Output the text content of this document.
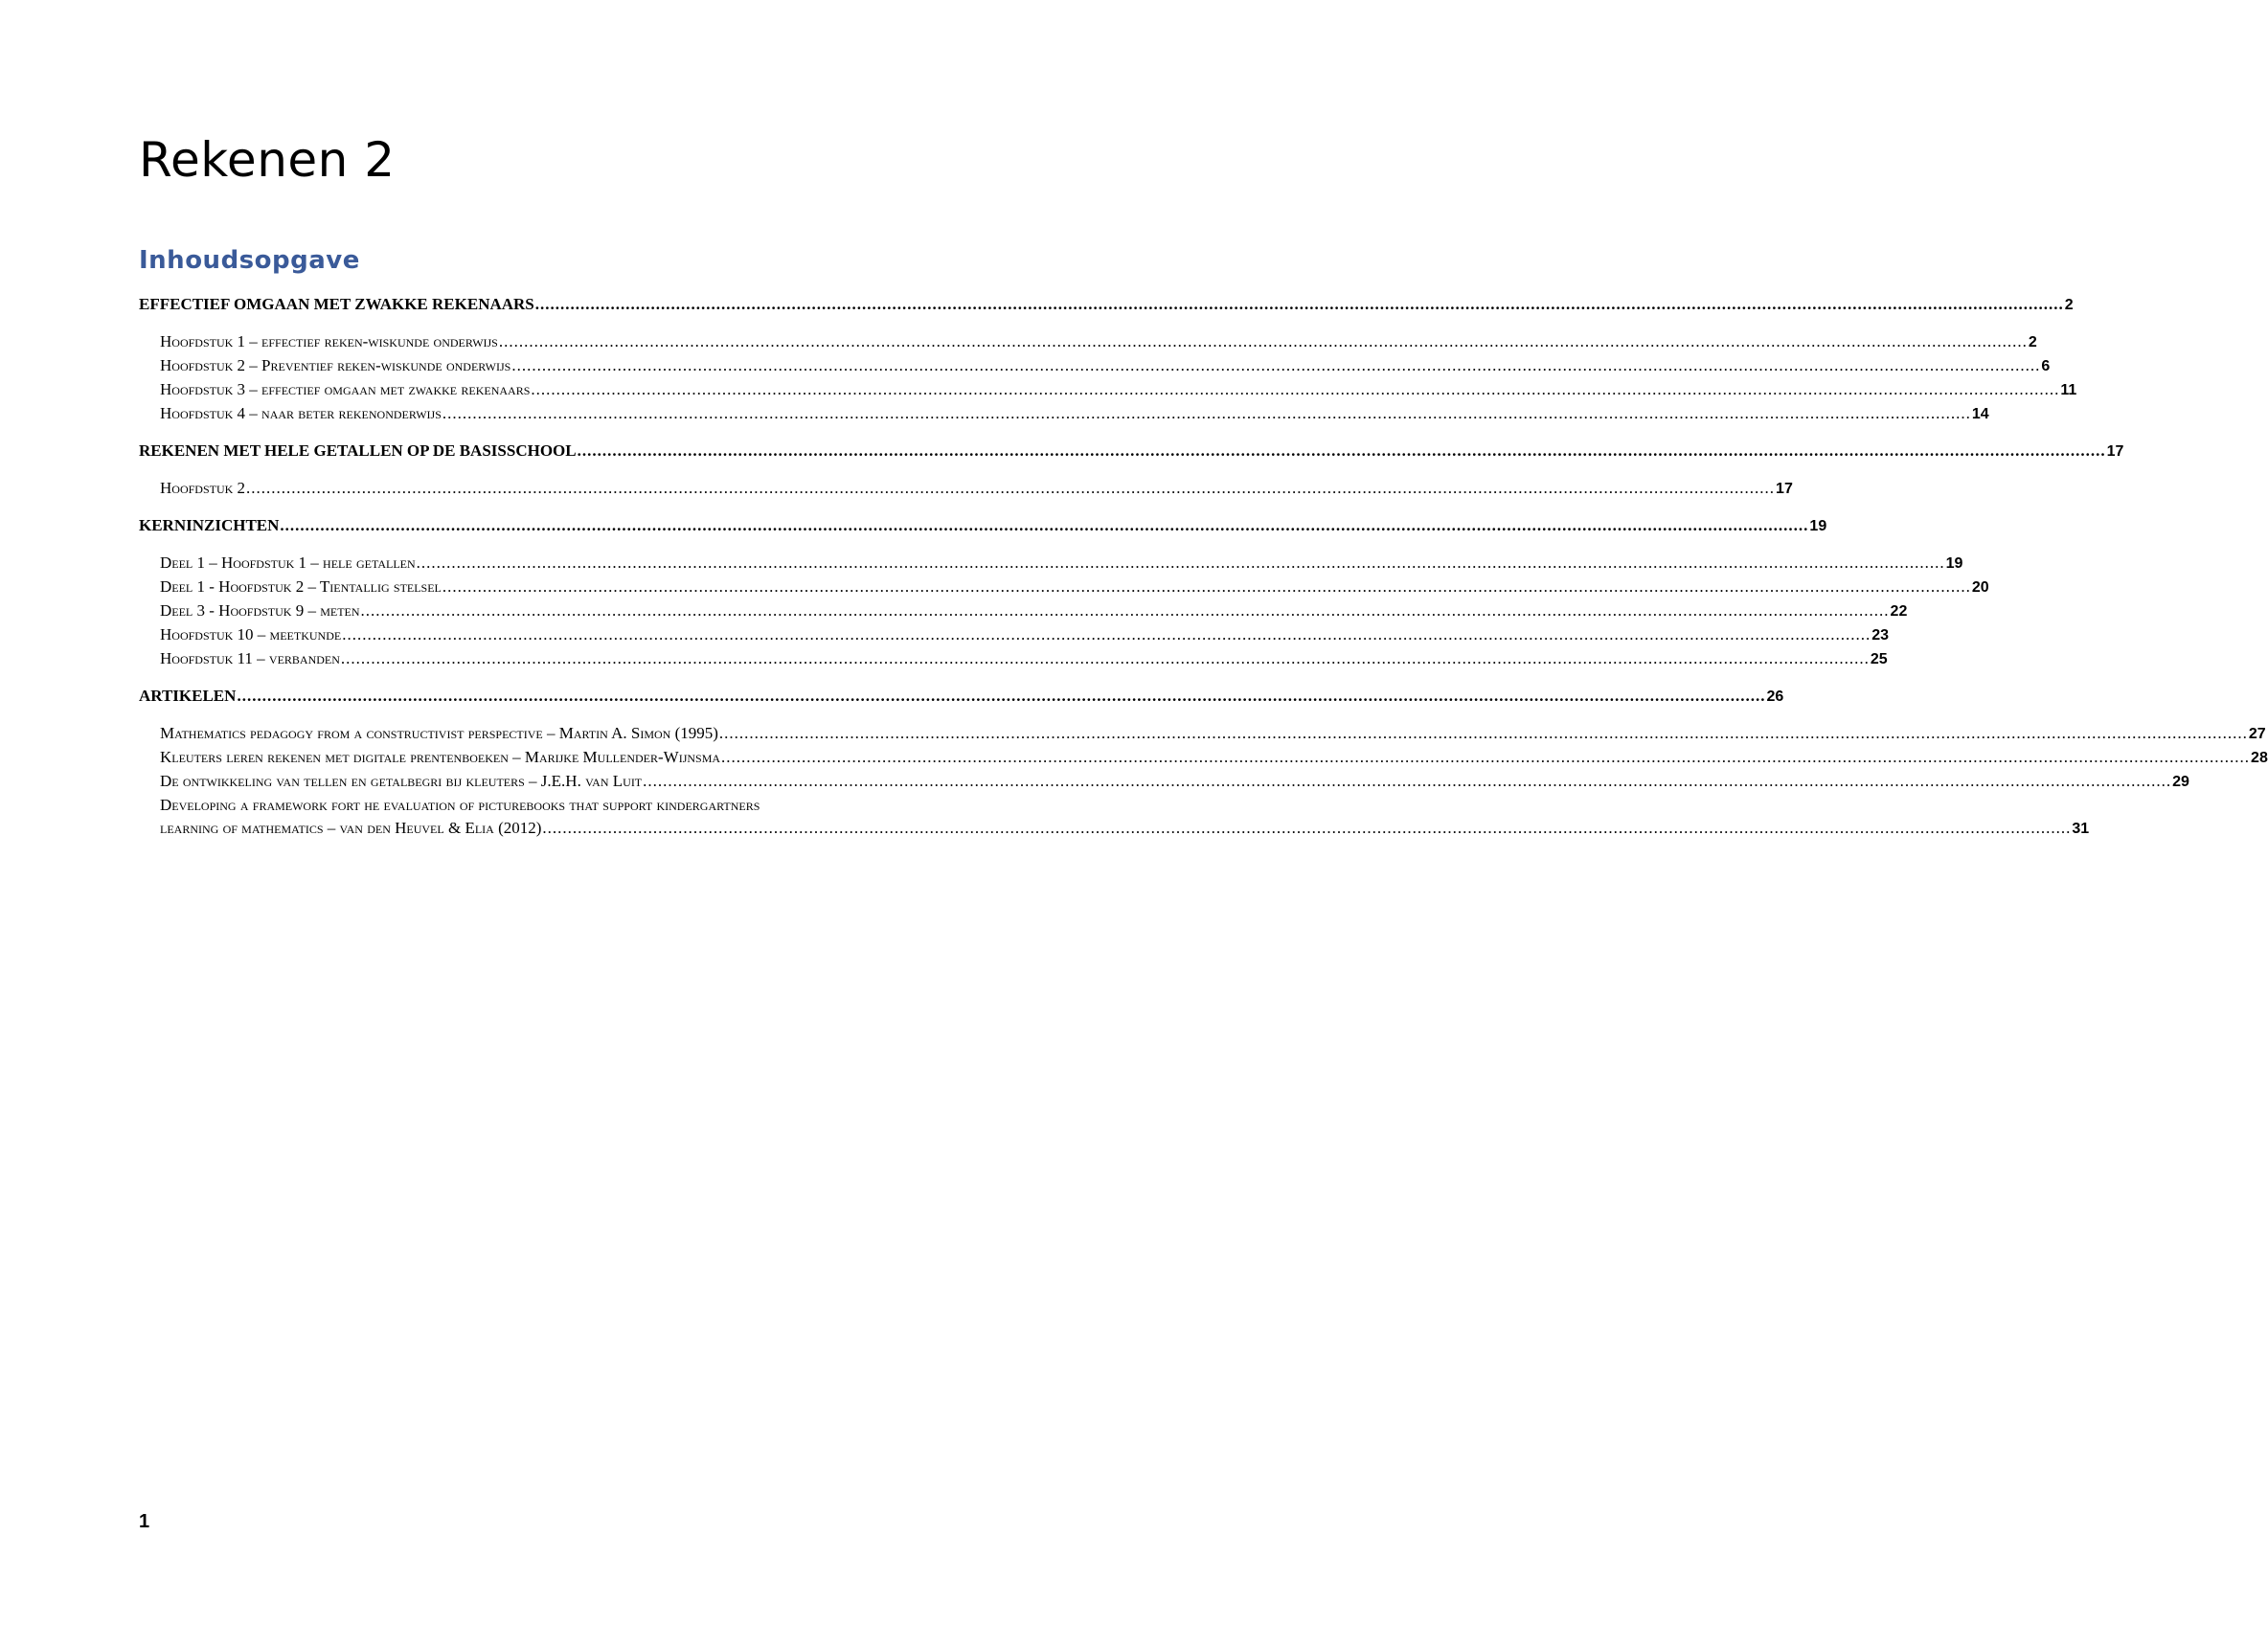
Rekenen 2
Inhoudsopgave
EFFECTIEF OMGAAN MET ZWAKKE REKENAARS .....	2
Hoofdstuk 1 – effectief reken-wiskunde onderwijs .....	2
Hoofdstuk 2 – Preventief reken-wiskunde onderwijs .....	6
Hoofdstuk 3 – effectief omgaan met zwakke rekenaars .....	11
Hoofdstuk 4 – naar beter rekenonderwijs .....	14
REKENEN MET HELE GETALLEN OP DE BASISSCHOOL .....	17
Hoofdstuk 2 .....	17
KERNINZICHTEN .....	19
Deel 1 – Hoofdstuk 1 – hele getallen .....	19
Deel 1 - Hoofdstuk 2 – Tientallig stelsel .....	20
Deel 3 - Hoofdstuk 9 – meten .....	22
Hoofdstuk 10 – meetkunde .....	23
Hoofdstuk 11 – verbanden .....	25
ARTIKELEN .....	26
Mathematics pedagogy from a constructivist perspective – Martin A. Simon (1995) .....	27
Kleuters leren rekenen met digitale prentenboeken – Marijke Mullender-Wijnsma .....	28
De ontwikkeling van tellen en getalbegri bij kleuters – J.E.H. van Luit .....	29
Developing a framework fort he evaluation of picturebooks that support kindergartners
learning of mathematics – van den Heuvel & Elia (2012) .....	31
1
